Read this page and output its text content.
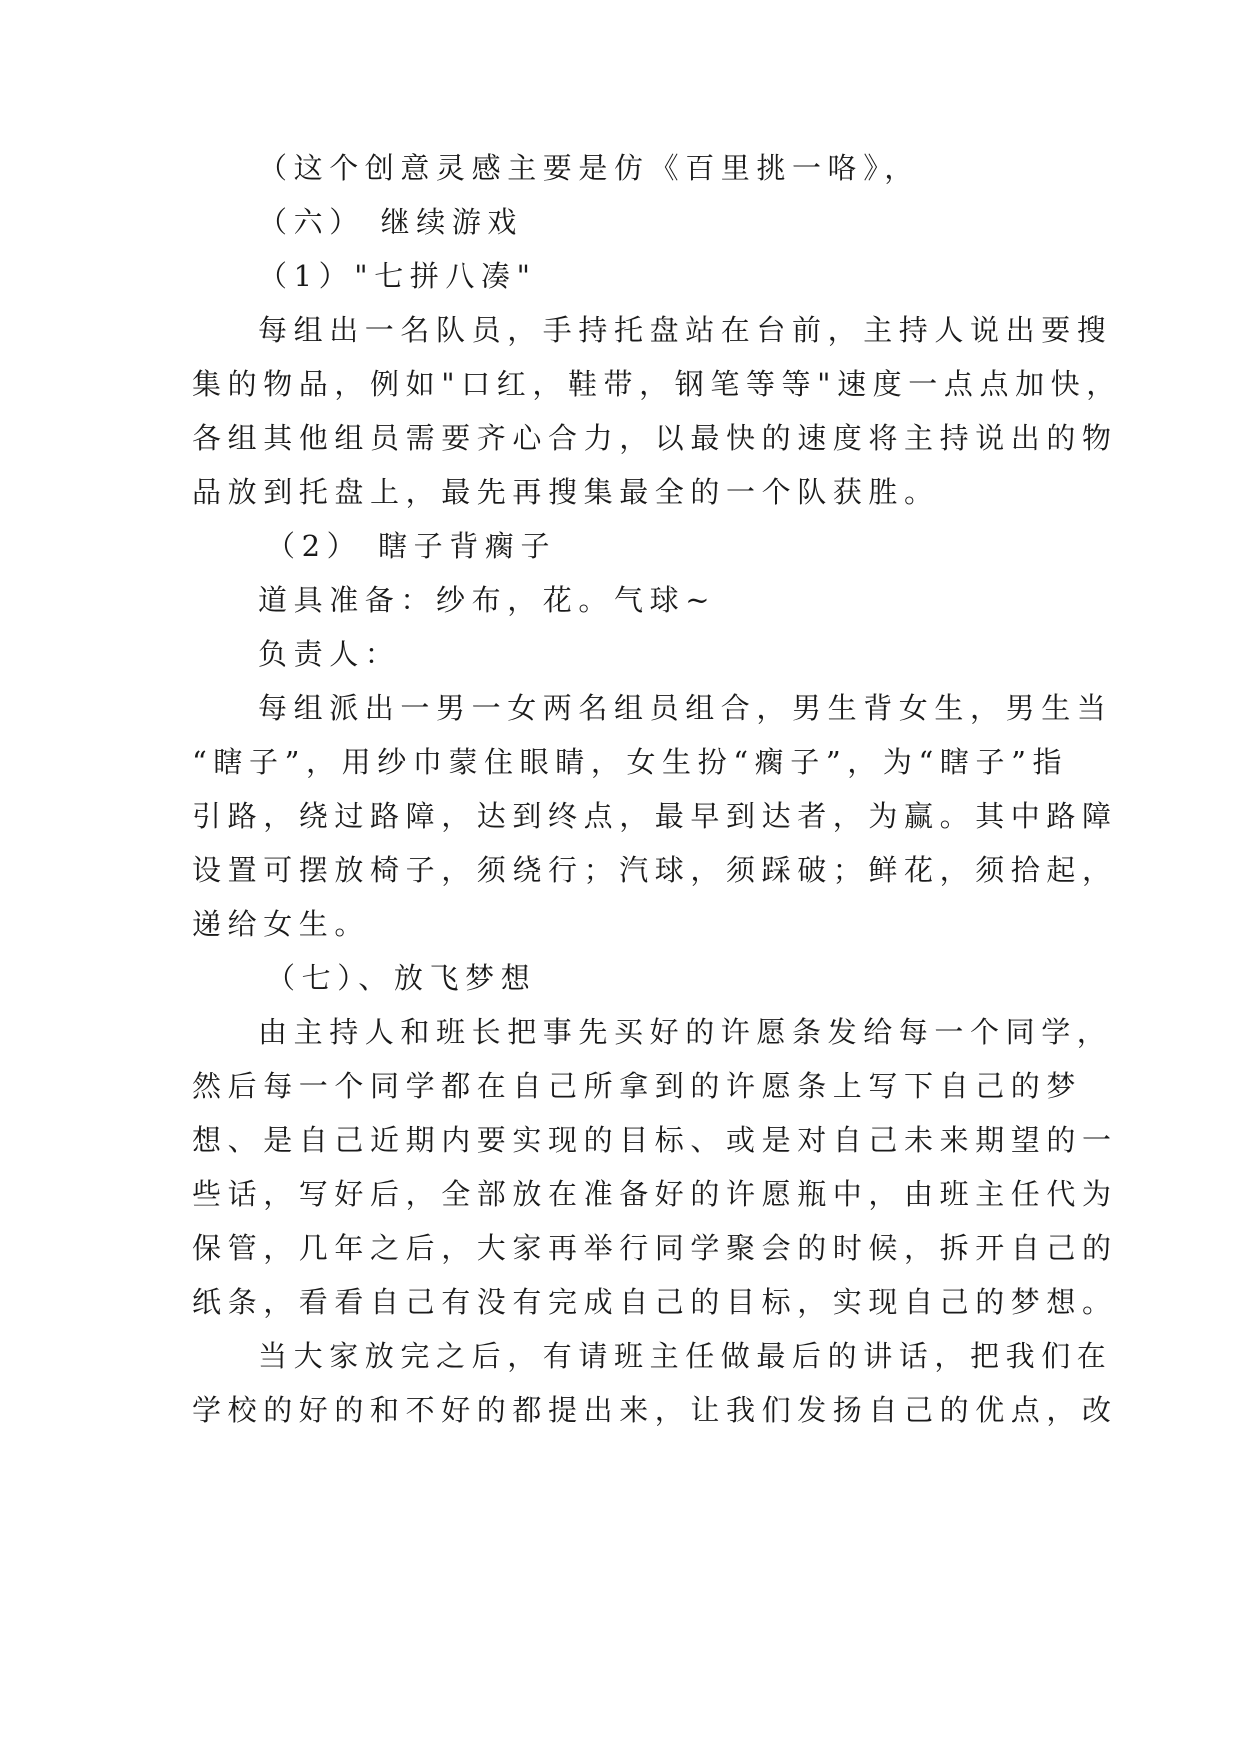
（这个创意灵感主要是仿《百里挑一咯》，
（六） 继续游戏
（1）"七拼八凑"
每组出一名队员，手持托盘站在台前，主持人说出要搜
集的物品，例如"口红，鞋带，钢笔等等"速度一点点加快，
各组其他组员需要齐心合力，以最快的速度将主持说出的物
品放到托盘上，最先再搜集最全的一个队获胜。
（2） 瞎子背瘸子
道具准备：纱布，花。气球~
负责人：
每组派出一男一女两名组员组合，男生背女生，男生当
“瞎子”，用纱巾蒙住眼睛，女生扮“瘸子”，为“瞎子”指
引路，绕过路障，达到终点，最早到达者，为赢。其中路障
设置可摆放椅子，须绕行；汽球，须踩破；鲜花，须拾起，
递给女生。
（七）、放飞梦想
由主持人和班长把事先买好的许愿条发给每一个同学，
然后每一个同学都在自己所拿到的许愿条上写下自己的梦
想、是自己近期内要实现的目标、或是对自己未来期望的一
些话，写好后，全部放在准备好的许愿瓶中，由班主任代为
保管，几年之后，大家再举行同学聚会的时候，拆开自己的
纸条，看看自己有没有完成自己的目标，实现自己的梦想。
当大家放完之后，有请班主任做最后的讲话，把我们在
学校的好的和不好的都提出来，让我们发扬自己的优点，改
